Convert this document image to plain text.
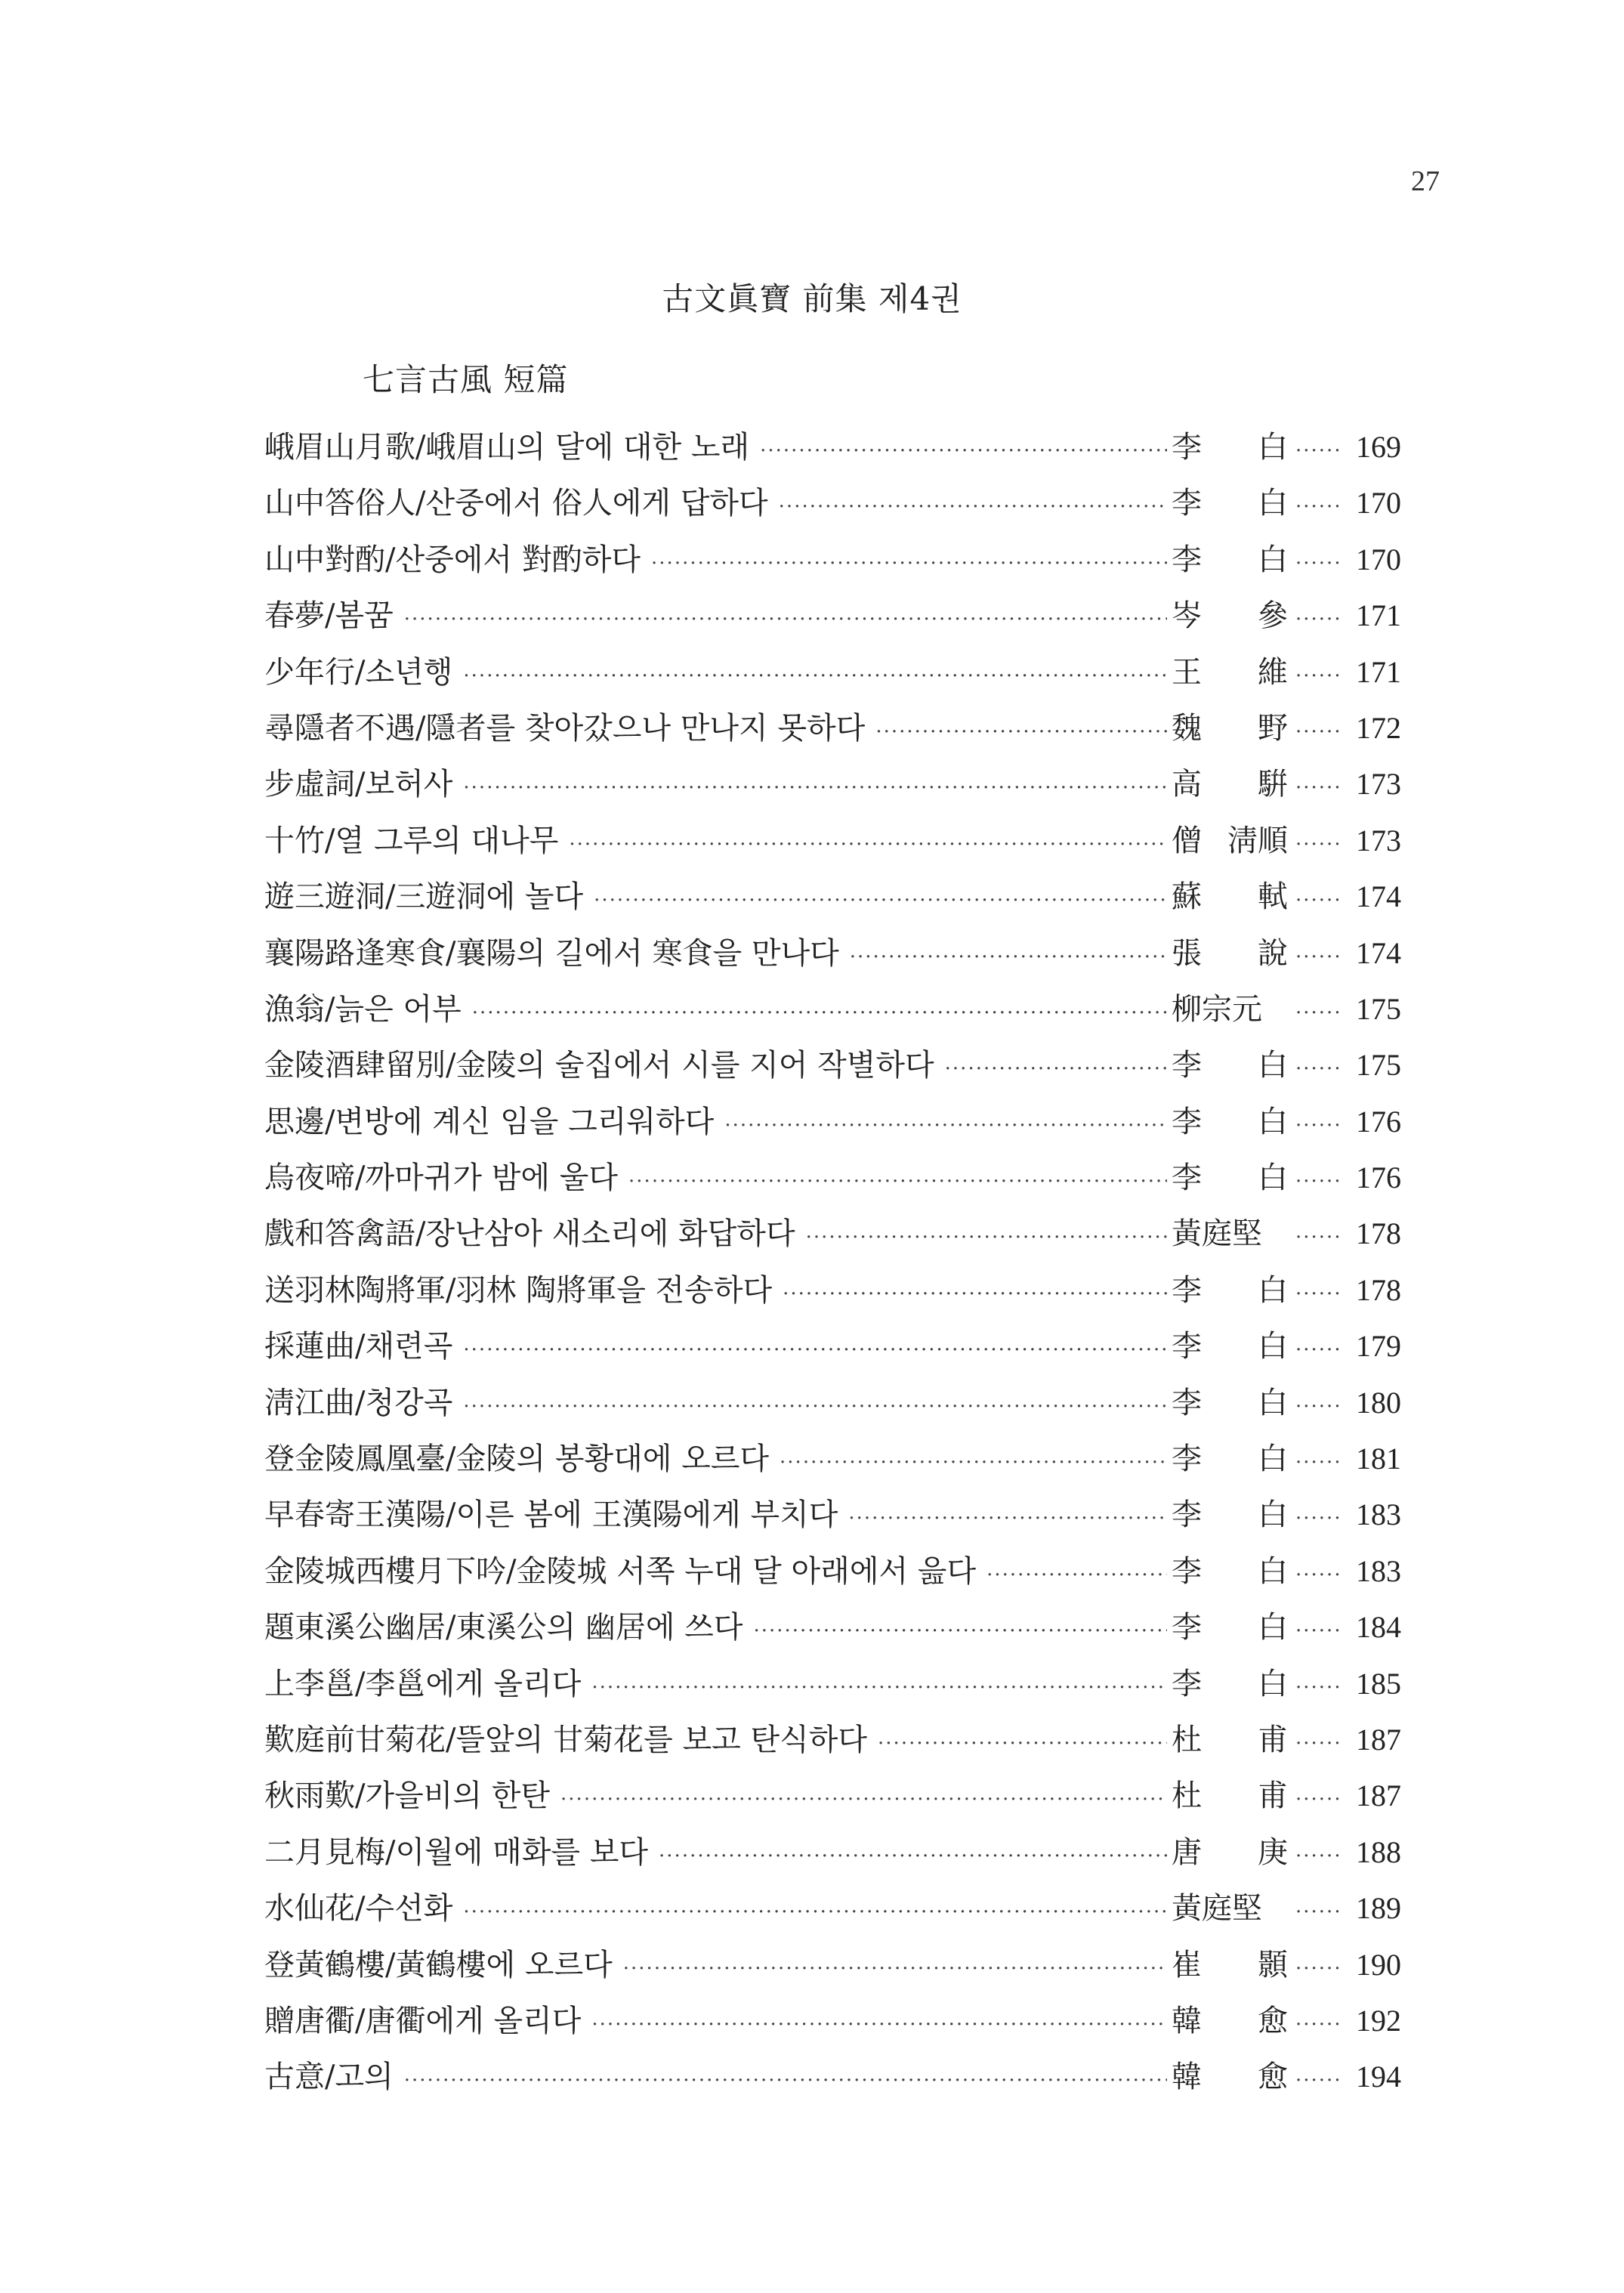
27
古文眞寶 前集 제4권
七言古風 短篇
峨眉山月歌/峨眉山의 달에 대한 노래 ·····	李 白 ·····	169
山中答俗人/산중에서 俗人에게 답하다 ·····	李 白 ·····	170
山中對酌/산중에서 對酌하다 ·····	李 白 ·····	170
春夢/봄꿈 ·····	岑 參 ·····	171
少年行/소년행 ·····	王 維 ·····	171
尋隱者不遇/隱者를 찾아갔으나 만나지 못하다 ·····	魏 野 ·····	172
步虛詞/보허사 ·····	高 騈 ·····	173
十竹/열 그루의 대나무 ·····	僧 淸順 ·····	173
遊三遊洞/三遊洞에 놀다 ·····	蘇 軾 ·····	174
襄陽路逢寒食/襄陽의 길에서 寒食을 만나다 ·····	張 說 ·····	174
漁翁/늙은 어부 ·····	柳宗元 ·····	175
金陵酒肆留別/金陵의 술집에서 시를 지어 작별하다 ·····	李 白 ·····	175
思邊/변방에 계신 임을 그리워하다 ·····	李 白 ·····	176
烏夜啼/까마귀가 밤에 울다 ·····	李 白 ·····	176
戲和答禽語/장난삼아 새소리에 화답하다 ·····	黃庭堅 ·····	178
送羽林陶將軍/羽林 陶將軍을 전송하다 ·····	李 白 ·····	178
採蓮曲/채련곡 ·····	李 白 ·····	179
淸江曲/청강곡 ·····	李 白 ·····	180
登金陵鳳凰臺/金陵의 봉황대에 오르다 ·····	李 白 ·····	181
早春寄王漢陽/이른 봄에 王漢陽에게 부치다 ·····	李 白 ·····	183
金陵城西樓月下吟/金陵城 서쪽 누대 달 아래에서 읊다 ·····	李 白 ·····	183
題東溪公幽居/東溪公의 幽居에 쓰다 ·····	李 白 ·····	184
上李邕/李邕에게 올리다 ·····	李 白 ·····	185
歎庭前甘菊花/뜰앞의 甘菊花를 보고 탄식하다 ·····	杜 甫 ·····	187
秋雨歎/가을비의 한탄 ·····	杜 甫 ·····	187
二月見梅/이월에 매화를 보다 ·····	唐 庚 ·····	188
水仙花/수선화 ·····	黃庭堅 ·····	189
登黃鶴樓/黃鶴樓에 오르다 ·····	崔 顥 ·····	190
贈唐衢/唐衢에게 올리다 ·····	韓 愈 ·····	192
古意/고의 ·····	韓 愈 ·····	194
